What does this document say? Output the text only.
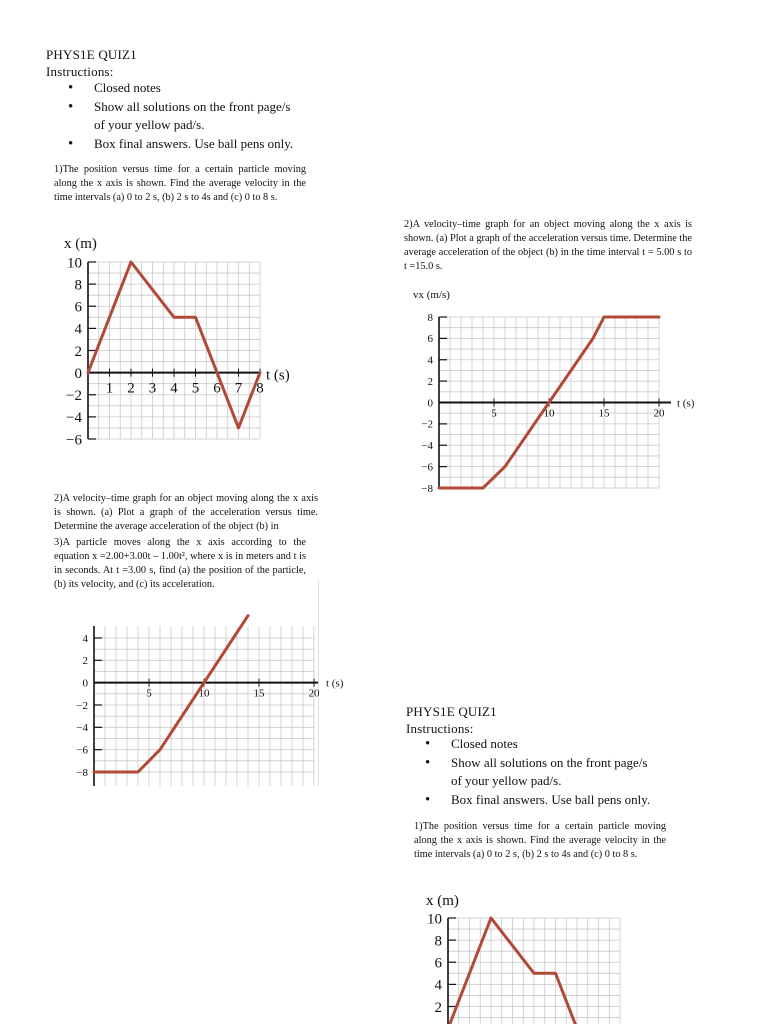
PHYS1E QUIZ1
Instructions:
• Closed notes
• Show all solutions on the front page/s
of your yellow pad/s.
• Box final answers. Use ball pens only.
1)The position versus time for a certain particle moving along the x axis is shown. Find the average velocity in the time intervals (a) 0 to 2 s, (b) 2 s to 4s and (c) 0 to 8 s.
10
8
6
4
2
0
−2
−4
−6
1 2 3 4 5 6 7 8
x (m)
t (s)
2)A velocity–time graph for an object moving along the x axis is shown. (a) Plot a graph of the acceleration versus time. Determine the average acceleration of the object (b) in the time interval t = 5.00 s to t =15.0 s.
8
6
4
2
0
−2
−4
−6
−8
5	10	15	20
vx (m/s)
t (s)
2)A velocity–time graph for an object moving along the x axis is shown. (a) Plot a graph of the acceleration versus time. Determine the average acceleration of the object (b) in
3)A particle moves along the x axis according to the equation x =2.00+3.00t – 1.00t², where x is in meters and t is in seconds. At t =3.00 s, find (a) the position of the particle, (b) its velocity, and (c) its acceleration.
4
2
0
−2
−4
−6
−8
5	10	15	20
t (s)
PHYS1E QUIZ1
Instructions:
• Closed notes
• Show all solutions on the front page/s
of your yellow pad/s.
• Box final answers. Use ball pens only.
1)The position versus time for a certain particle moving along the x axis is shown. Find the average velocity in the time intervals (a) 0 to 2 s, (b) 2 s to 4s and (c) 0 to 8 s.
10
8
6
4
2
x (m)
